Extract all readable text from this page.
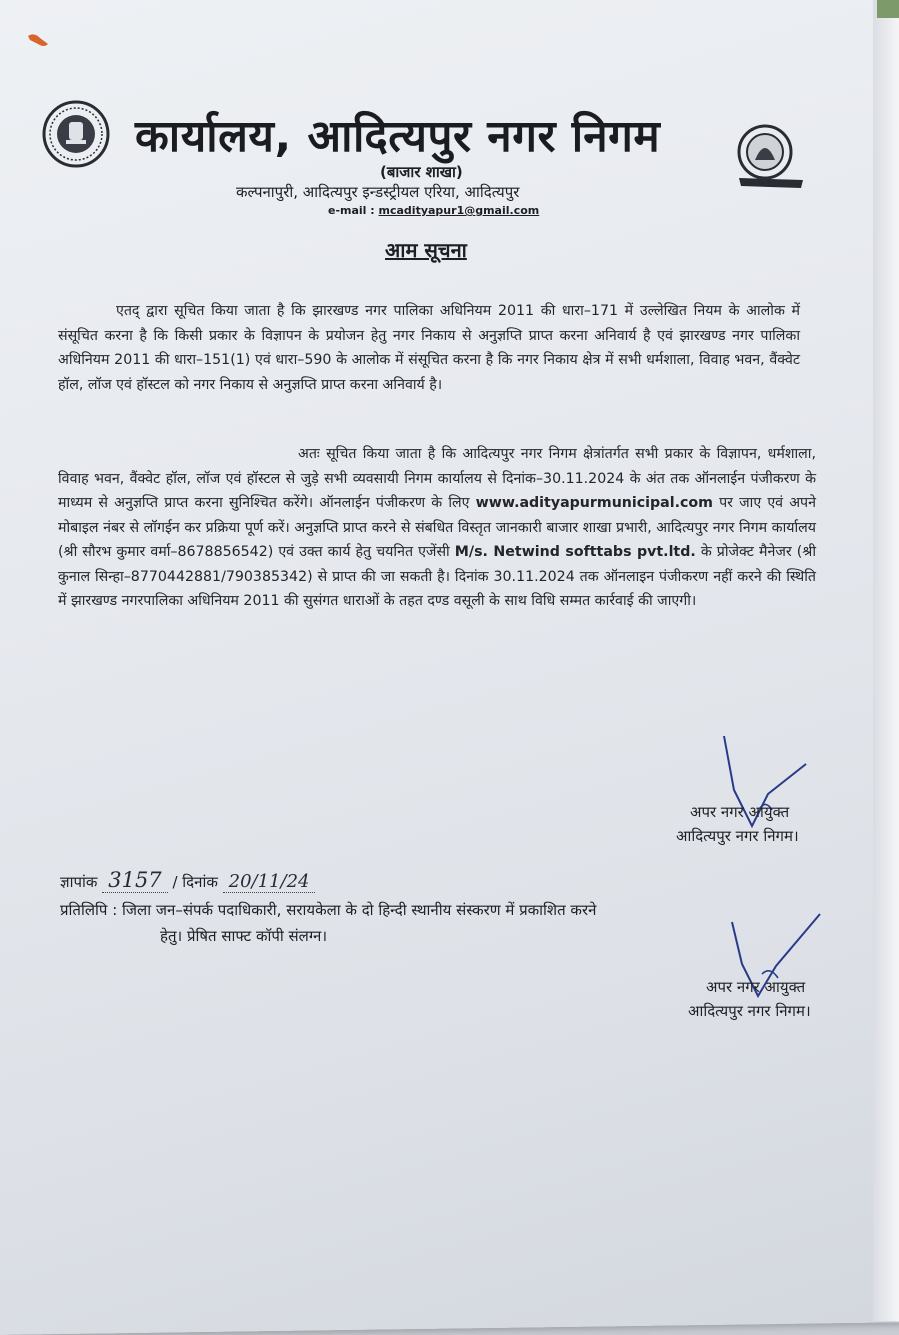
कार्यालय, आदित्यपुर नगर निगम
(बाजार शाखा)
कल्पनापुरी, आदित्यपुर इन्डस्ट्रीयल एरिया, आदित्यपुर
e-mail : mcadityapur1@gmail.com
आम सूचना

एतद् द्वारा सूचित किया जाता है कि झारखण्ड नगर पालिका अधिनियम 2011 की धारा–171 में उल्लेखित नियम के आलोक में संसूचित करना है कि किसी प्रकार के विज्ञापन के प्रयोजन हेतु नगर निकाय से अनुज्ञप्ति प्राप्त करना अनिवार्य है एवं झारखण्ड नगर पालिका अधिनियम 2011 की धारा–151(1) एवं धारा–590 के आलोक में संसूचित करना है कि नगर निकाय क्षेत्र में सभी धर्मशाला, विवाह भवन, वैंक्वेट हॉल, लॉज एवं हॉस्टल को नगर निकाय से अनुज्ञप्ति प्राप्त करना अनिवार्य है।

अतः सूचित किया जाता है कि आदित्यपुर नगर निगम क्षेत्रांतर्गत सभी प्रकार के विज्ञापन, धर्मशाला, विवाह भवन, वैंक्वेट हॉल, लॉज एवं हॉस्टल से जुड़े सभी व्यवसायी निगम कार्यालय से दिनांक–30.11.2024 के अंत तक ऑनलाईन पंजीकरण के माध्यम से अनुज्ञप्ति प्राप्त करना सुनिश्चित करेंगे। ऑनलाईन पंजीकरण के लिए www.adityapurmunicipal.com पर जाए एवं अपने मोबाइल नंबर से लॉगईन कर प्रक्रिया पूर्ण करें। अनुज्ञप्ति प्राप्त करने से संबधित विस्तृत जानकारी बाजार शाखा प्रभारी, आदित्यपुर नगर निगम कार्यालय (श्री सौरभ कुमार वर्मा–8678856542) एवं उक्त कार्य हेतु चयनित एजेंसी M/s. Netwind softtabs pvt.ltd. के प्रोजेक्ट मैनेजर (श्री कुनाल सिन्हा–8770442881/790385342) से प्राप्त की जा सकती है। दिनांक 30.11.2024 तक ऑनलाइन पंजीकरण नहीं करने की स्थिति में झारखण्ड नगरपालिका अधिनियम 2011 की सुसंगत धाराओं के तहत दण्ड वसूली के साथ विधि सम्मत कार्रवाई की जाएगी।

अपर नगर आयुक्त
आदित्यपुर नगर निगम।
ज्ञापांक 3157 / दिनांक 20/11/24
प्रतिलिपि : जिला जन–संपर्क पदाधिकारी, सरायकेला के दो हिन्दी स्थानीय संस्करण में प्रकाशित करने
हेतु। प्रेषित साफ्ट कॉपी संलग्न।
अपर नगर आयुक्त
आदित्यपुर नगर निगम।
